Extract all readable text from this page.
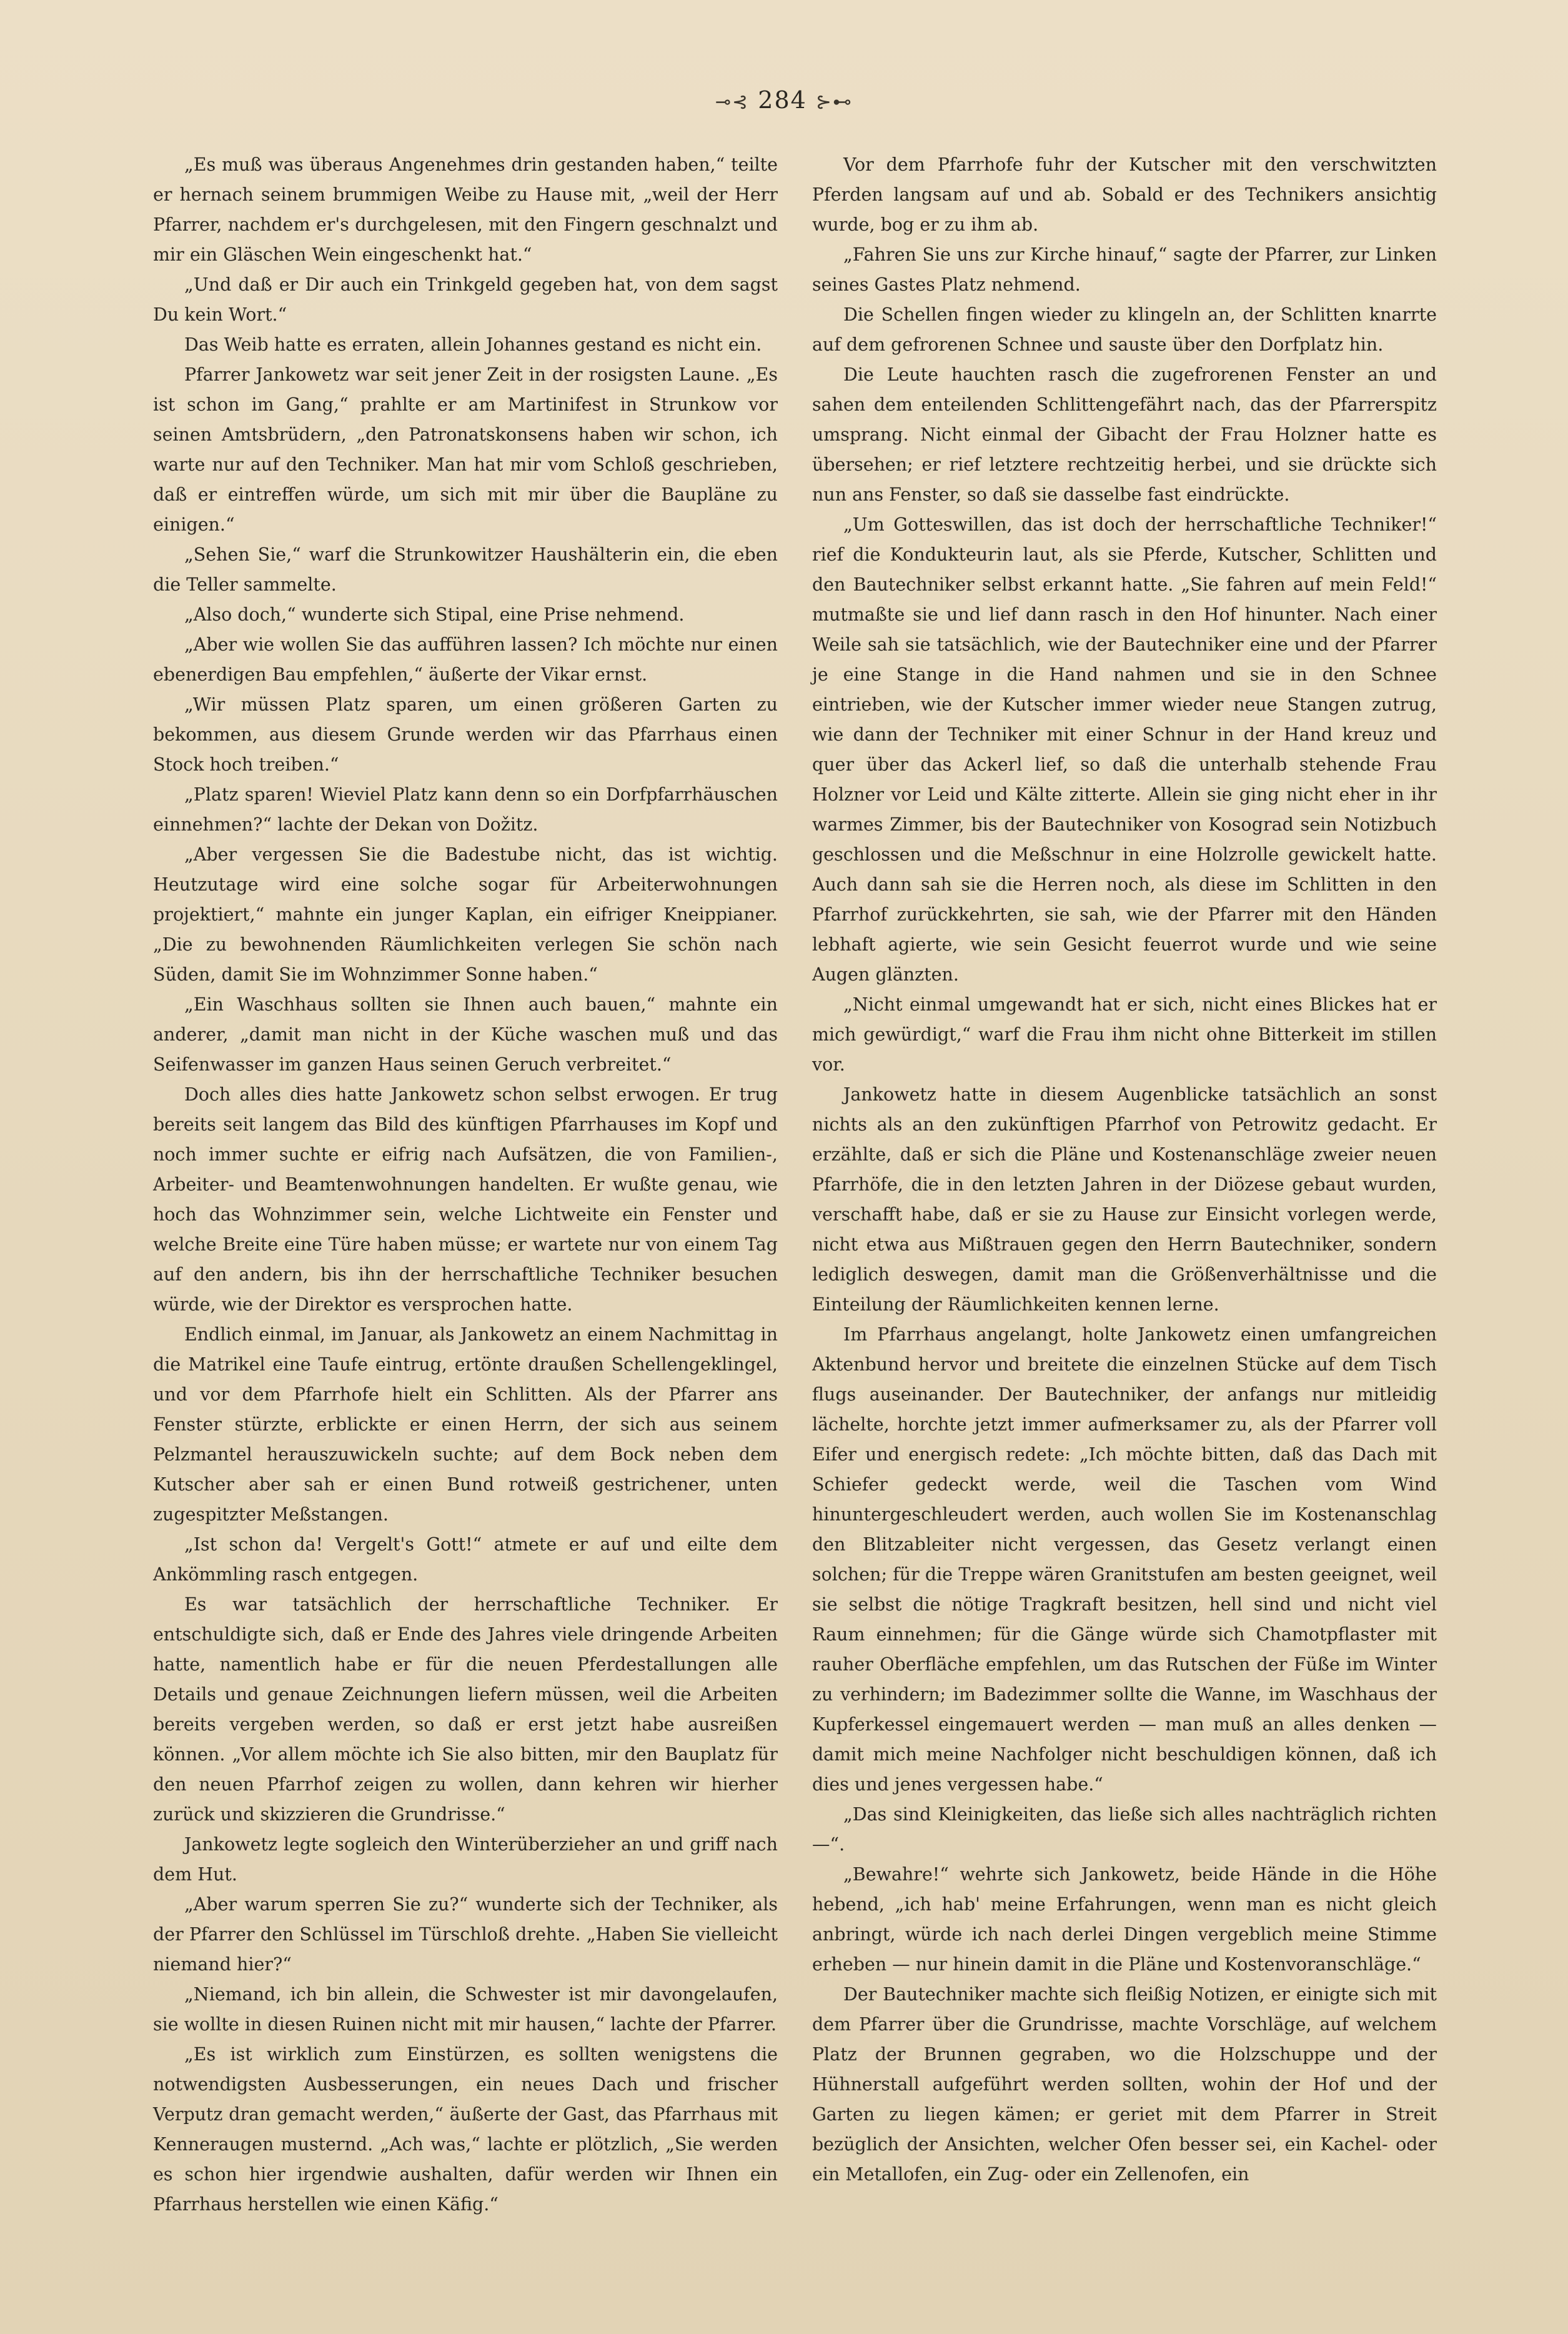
⊸⊰ 284 ⊱⊷

„Es muß was überaus Angenehmes drin gestanden haben,“ teilte er hernach seinem brummigen Weibe zu Hause mit, „weil der Herr Pfarrer, nachdem er's durchgelesen, mit den Fingern geschnalzt und mir ein Gläschen Wein eingeschenkt hat.“

„Und daß er Dir auch ein Trinkgeld gegeben hat, von dem sagst Du kein Wort.“

Das Weib hatte es erraten, allein Johannes gestand es nicht ein.

Pfarrer Jankowetz war seit jener Zeit in der rosigsten Laune. „Es ist schon im Gang,“ prahlte er am Martinifest in Strunkow vor seinen Amtsbrüdern, „den Patronatskonsens haben wir schon, ich warte nur auf den Techniker. Man hat mir vom Schloß geschrieben, daß er eintreffen würde, um sich mit mir über die Baupläne zu einigen.“

„Sehen Sie,“ warf die Strunkowitzer Haushälterin ein, die eben die Teller sammelte.

„Also doch,“ wunderte sich Stipal, eine Prise nehmend.

„Aber wie wollen Sie das aufführen lassen? Ich möchte nur einen ebenerdigen Bau empfehlen,“ äußerte der Vikar ernst.

„Wir müssen Platz sparen, um einen größeren Garten zu bekommen, aus diesem Grunde werden wir das Pfarrhaus einen Stock hoch treiben.“

„Platz sparen! Wieviel Platz kann denn so ein Dorfpfarrhäuschen einnehmen?“ lachte der Dekan von Dožitz.

„Aber vergessen Sie die Badestube nicht, das ist wichtig. Heutzutage wird eine solche sogar für Arbeiterwohnungen projektiert,“ mahnte ein junger Kaplan, ein eifriger Kneippianer. „Die zu bewohnenden Räumlichkeiten verlegen Sie schön nach Süden, damit Sie im Wohnzimmer Sonne haben.“

„Ein Waschhaus sollten sie Ihnen auch bauen,“ mahnte ein anderer, „damit man nicht in der Küche waschen muß und das Seifenwasser im ganzen Haus seinen Geruch verbreitet.“

Doch alles dies hatte Jankowetz schon selbst erwogen. Er trug bereits seit langem das Bild des künftigen Pfarrhauses im Kopf und noch immer suchte er eifrig nach Aufsätzen, die von Familien-, Arbeiter- und Beamtenwohnungen handelten. Er wußte genau, wie hoch das Wohnzimmer sein, welche Lichtweite ein Fenster und welche Breite eine Türe haben müsse; er wartete nur von einem Tag auf den andern, bis ihn der herrschaftliche Techniker besuchen würde, wie der Direktor es versprochen hatte.

Endlich einmal, im Januar, als Jankowetz an einem Nachmittag in die Matrikel eine Taufe eintrug, ertönte draußen Schellengeklingel, und vor dem Pfarrhofe hielt ein Schlitten. Als der Pfarrer ans Fenster stürzte, erblickte er einen Herrn, der sich aus seinem Pelzmantel herauszuwickeln suchte; auf dem Bock neben dem Kutscher aber sah er einen Bund rotweiß gestrichener, unten zugespitzter Meßstangen.

„Ist schon da! Vergelt's Gott!“ atmete er auf und eilte dem Ankömmling rasch entgegen.

Es war tatsächlich der herrschaftliche Techniker. Er entschuldigte sich, daß er Ende des Jahres viele dringende Arbeiten hatte, namentlich habe er für die neuen Pferdestallungen alle Details und genaue Zeichnungen liefern müssen, weil die Arbeiten bereits vergeben werden, so daß er erst jetzt habe ausreißen können. „Vor allem möchte ich Sie also bitten, mir den Bauplatz für den neuen Pfarrhof zeigen zu wollen, dann kehren wir hierher zurück und skizzieren die Grundrisse.“

Jankowetz legte sogleich den Winterüberzieher an und griff nach dem Hut.

„Aber warum sperren Sie zu?“ wunderte sich der Techniker, als der Pfarrer den Schlüssel im Türschloß drehte. „Haben Sie vielleicht niemand hier?“

„Niemand, ich bin allein, die Schwester ist mir davongelaufen, sie wollte in diesen Ruinen nicht mit mir hausen,“ lachte der Pfarrer.

„Es ist wirklich zum Einstürzen, es sollten wenigstens die notwendigsten Ausbesserungen, ein neues Dach und frischer Verputz dran gemacht werden,“ äußerte der Gast, das Pfarrhaus mit Kenneraugen musternd. „Ach was,“ lachte er plötzlich, „Sie werden es schon hier irgendwie aushalten, dafür werden wir Ihnen ein Pfarrhaus herstellen wie einen Käfig.“

Vor dem Pfarrhofe fuhr der Kutscher mit den verschwitzten Pferden langsam auf und ab. Sobald er des Technikers ansichtig wurde, bog er zu ihm ab.

„Fahren Sie uns zur Kirche hinauf,“ sagte der Pfarrer, zur Linken seines Gastes Platz nehmend.

Die Schellen fingen wieder zu klingeln an, der Schlitten knarrte auf dem gefrorenen Schnee und sauste über den Dorfplatz hin.

Die Leute hauchten rasch die zugefrorenen Fenster an und sahen dem enteilenden Schlittengefährt nach, das der Pfarrerspitz umsprang. Nicht einmal der Gibacht der Frau Holzner hatte es übersehen; er rief letztere rechtzeitig herbei, und sie drückte sich nun ans Fenster, so daß sie dasselbe fast eindrückte.

„Um Gotteswillen, das ist doch der herrschaftliche Techniker!“ rief die Kondukteurin laut, als sie Pferde, Kutscher, Schlitten und den Bautechniker selbst erkannt hatte. „Sie fahren auf mein Feld!“ mutmaßte sie und lief dann rasch in den Hof hinunter. Nach einer Weile sah sie tatsächlich, wie der Bautechniker eine und der Pfarrer je eine Stange in die Hand nahmen und sie in den Schnee eintrieben, wie der Kutscher immer wieder neue Stangen zutrug, wie dann der Techniker mit einer Schnur in der Hand kreuz und quer über das Ackerl lief, so daß die unterhalb stehende Frau Holzner vor Leid und Kälte zitterte. Allein sie ging nicht eher in ihr warmes Zimmer, bis der Bautechniker von Kosograd sein Notizbuch geschlossen und die Meßschnur in eine Holzrolle gewickelt hatte. Auch dann sah sie die Herren noch, als diese im Schlitten in den Pfarrhof zurückkehrten, sie sah, wie der Pfarrer mit den Händen lebhaft agierte, wie sein Gesicht feuerrot wurde und wie seine Augen glänzten.

„Nicht einmal umgewandt hat er sich, nicht eines Blickes hat er mich gewürdigt,“ warf die Frau ihm nicht ohne Bitterkeit im stillen vor.

Jankowetz hatte in diesem Augenblicke tatsächlich an sonst nichts als an den zukünftigen Pfarrhof von Petrowitz gedacht. Er erzählte, daß er sich die Pläne und Kostenanschläge zweier neuen Pfarrhöfe, die in den letzten Jahren in der Diözese gebaut wurden, verschafft habe, daß er sie zu Hause zur Einsicht vorlegen werde, nicht etwa aus Mißtrauen gegen den Herrn Bautechniker, sondern lediglich deswegen, damit man die Größenverhältnisse und die Einteilung der Räumlichkeiten kennen lerne.

Im Pfarrhaus angelangt, holte Jankowetz einen umfangreichen Aktenbund hervor und breitete die einzelnen Stücke auf dem Tisch flugs auseinander. Der Bautechniker, der anfangs nur mitleidig lächelte, horchte jetzt immer aufmerksamer zu, als der Pfarrer voll Eifer und energisch redete: „Ich möchte bitten, daß das Dach mit Schiefer gedeckt werde, weil die Taschen vom Wind hinuntergeschleudert werden, auch wollen Sie im Kostenanschlag den Blitzableiter nicht vergessen, das Gesetz verlangt einen solchen; für die Treppe wären Granitstufen am besten geeignet, weil sie selbst die nötige Tragkraft besitzen, hell sind und nicht viel Raum einnehmen; für die Gänge würde sich Chamotpflaster mit rauher Oberfläche empfehlen, um das Rutschen der Füße im Winter zu verhindern; im Badezimmer sollte die Wanne, im Waschhaus der Kupferkessel eingemauert werden — man muß an alles denken — damit mich meine Nachfolger nicht beschuldigen können, daß ich dies und jenes vergessen habe.“

„Das sind Kleinigkeiten, das ließe sich alles nachträglich richten —“.

„Bewahre!“ wehrte sich Jankowetz, beide Hände in die Höhe hebend, „ich hab' meine Erfahrungen, wenn man es nicht gleich anbringt, würde ich nach derlei Dingen vergeblich meine Stimme erheben — nur hinein damit in die Pläne und Kostenvoranschläge.“

Der Bautechniker machte sich fleißig Notizen, er einigte sich mit dem Pfarrer über die Grundrisse, machte Vorschläge, auf welchem Platz der Brunnen gegraben, wo die Holzschuppe und der Hühnerstall aufgeführt werden sollten, wohin der Hof und der Garten zu liegen kämen; er geriet mit dem Pfarrer in Streit bezüglich der Ansichten, welcher Ofen besser sei, ein Kachel- oder ein Metallofen, ein Zug- oder ein Zellenofen, ein
